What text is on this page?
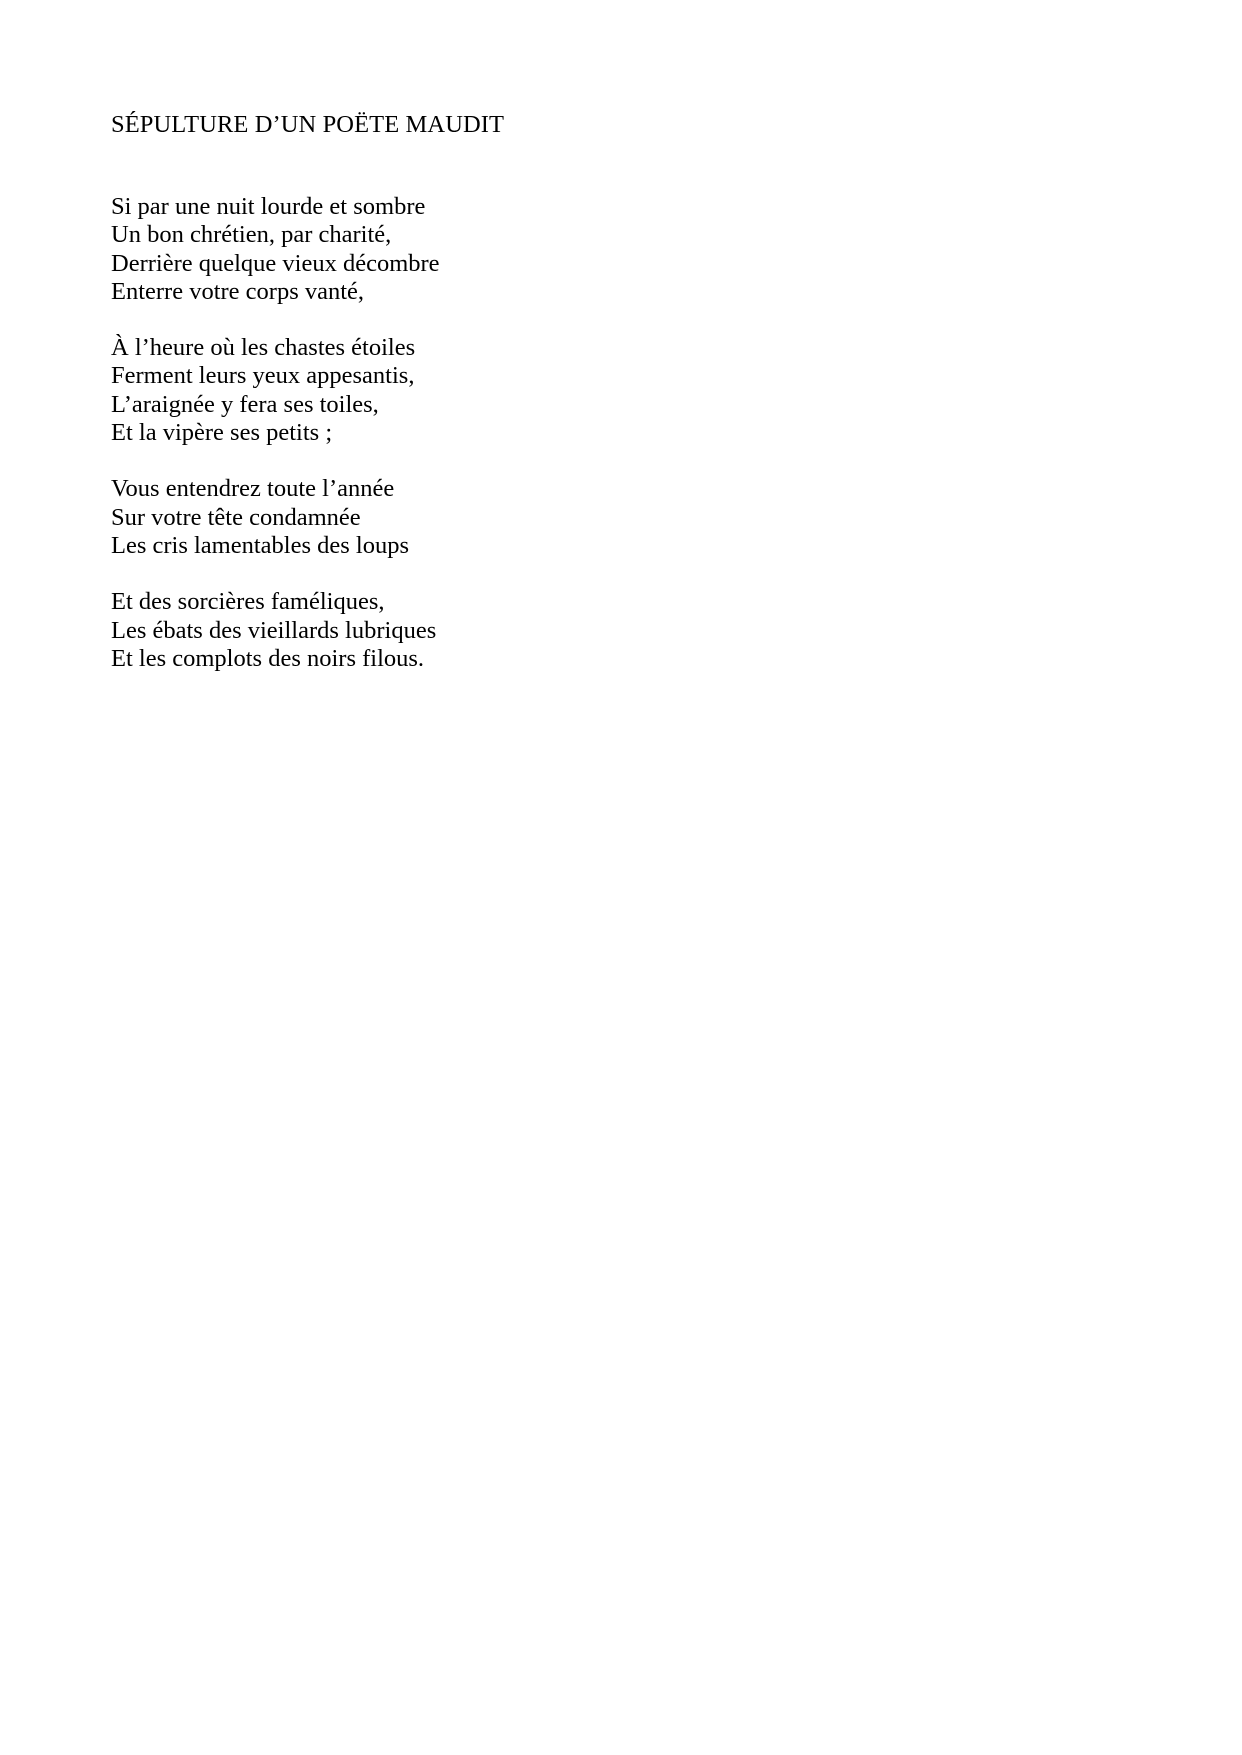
SÉPULTURE D’UN POËTE MAUDIT
Si par une nuit lourde et sombre
Un bon chrétien, par charité,
Derrière quelque vieux décombre
Enterre votre corps vanté,
À l’heure où les chastes étoiles
Ferment leurs yeux appesantis,
L’araignée y fera ses toiles,
Et la vipère ses petits ;
Vous entendrez toute l’année
Sur votre tête condamnée
Les cris lamentables des loups
Et des sorcières faméliques,
Les ébats des vieillards lubriques
Et les complots des noirs filous.
